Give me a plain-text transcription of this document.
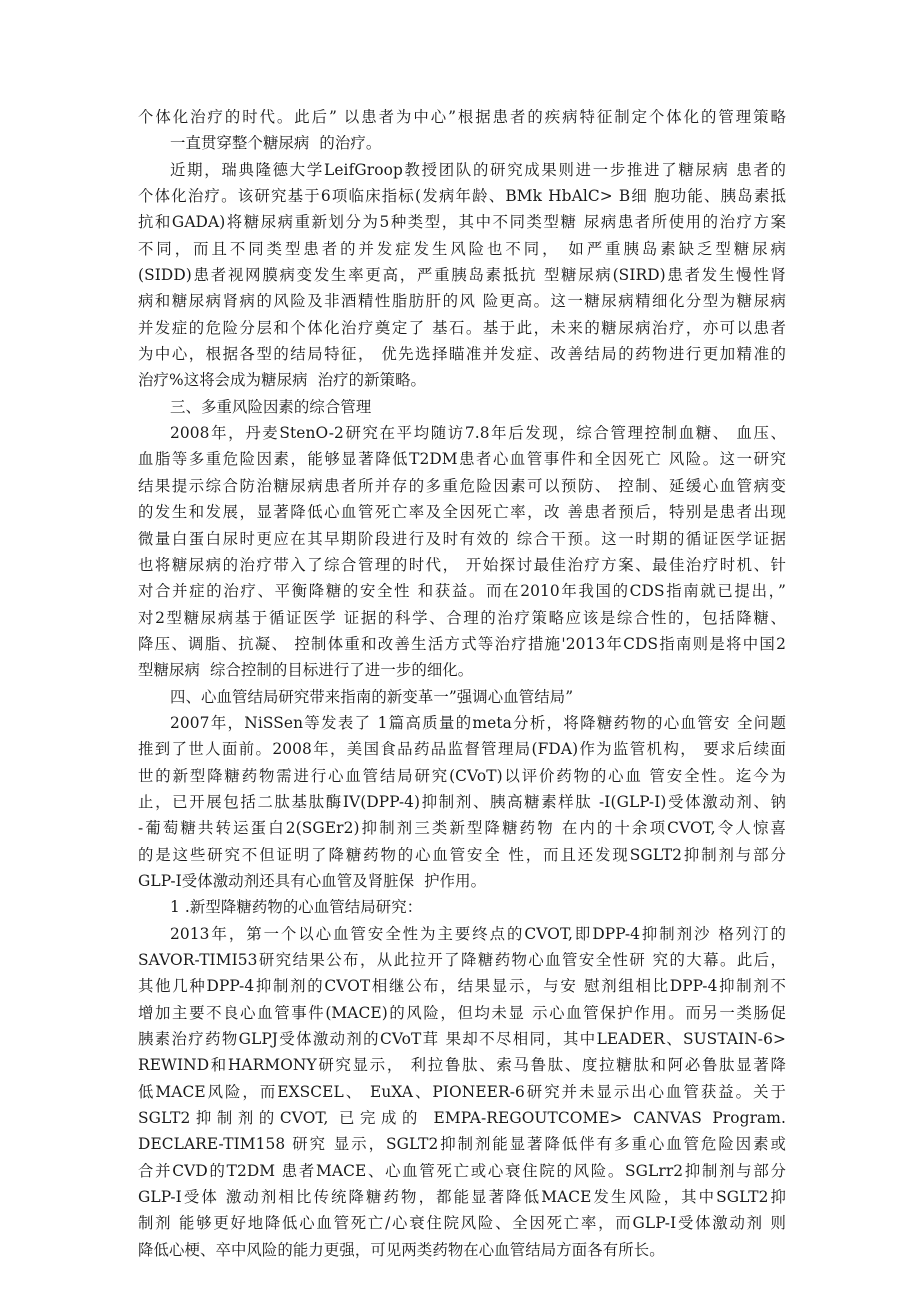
个体化治疗的时代。此后” 以患者为中心”根据患者的疾病特征制定个体化的管理策略
一直贯穿整个糖尿病  的治疗。
近期，瑞典隆德大学LeifGroop教授团队的研究成果则进一步推进了糖尿病 患者的
个体化治疗。该研究基于6项临床指标(发病年龄、BMk HbAlC> B细 胞功能、胰岛素抵
抗和GADA)将糖尿病重新划分为5种类型，其中不同类型糖 尿病患者所使用的治疗方案
不同，而且不同类型患者的并发症发生风险也不同， 如严重胰岛素缺乏型糖尿病
(SIDD)患者视网膜病变发生率更高，严重胰岛素抵抗 型糖尿病(SIRD)患者发生慢性肾
病和糖尿病肾病的风险及非酒精性脂肪肝的风 险更高。这一糖尿病精细化分型为糖尿病
并发症的危险分层和个体化治疗奠定了 基石。基于此，未来的糖尿病治疗，亦可以患者
为中心，根据各型的结局特征， 优先选择瞄准并发症、改善结局的药物进行更加精准的
治疗%这将会成为糖尿病  治疗的新策略。
三、多重风险因素的综合管理
2008年，丹麦StenO-2研究在平均随访7.8年后发现，综合管理控制血糖、 血压、
血脂等多重危险因素，能够显著降低T2DM患者心血管事件和全因死亡 风险。这一研究
结果提示综合防治糖尿病患者所并存的多重危险因素可以预防、 控制、延缓心血管病变
的发生和发展，显著降低心血管死亡率及全因死亡率，改 善患者预后，特别是患者出现
微量白蛋白尿时更应在其早期阶段进行及时有效的 综合干预。这一时期的循证医学证据
也将糖尿病的治疗带入了综合管理的时代， 开始探讨最佳治疗方案、最佳治疗时机、针
对合并症的治疗、平衡降糖的安全性 和获益。而在2010年我国的CDS指南就已提出，”
对2型糖尿病基于循证医学 证据的科学、合理的治疗策略应该是综合性的，包括降糖、
降压、调脂、抗凝、 控制体重和改善生活方式等治疗措施'2013年CDS指南则是将中国2
型糖尿病  综合控制的目标进行了进一步的细化。
四、心血管结局研究带来指南的新变革一”强调心血管结局”
2007年，NiSSen等发表了 1篇高质量的meta分析，将降糖药物的心血管安 全问题
推到了世人面前。2008年，美国食品药品监督管理局(FDA)作为监管机构， 要求后续面
世的新型降糖药物需进行心血管结局研究(CVoT)以评价药物的心血 管安全性。迄今为
止，已开展包括二肽基肽酶IV(DPP-4)抑制剂、胰高糖素样肽 -I(GLP-I)受体激动剂、钠
-葡萄糖共转运蛋白2(SGEr2)抑制剂三类新型降糖药物 在内的十余项CVOT,令人惊喜
的是这些研究不但证明了降糖药物的心血管安全 性，而且还发现SGLT2抑制剂与部分
GLP-I受体激动剂还具有心血管及肾脏保  护作用。
1 .新型降糖药物的心血管结局研究：
2013年，第一个以心血管安全性为主要终点的CVOT,即DPP-4抑制剂沙 格列汀的
SAVOR-TIMI53研究结果公布，从此拉开了降糖药物心血管安全性研 究的大幕。此后，
其他几种DPP-4抑制剂的CVOT相继公布，结果显示，与安 慰剂组相比DPP-4抑制剂不
增加主要不良心血管事件(MACE)的风险，但均未显 示心血管保护作用。而另一类肠促
胰素治疗药物GLPJ受体激动剂的CVoT茸 果却不尽相同，其中LEADER、SUSTAIN-6>
REWIND和HARMONY研究显示， 利拉鲁肽、索马鲁肽、度拉糖肽和阿必鲁肽显著降
低MACE风险，而EXSCEL、 EuXA、PIONEER-6研究并未显示出心血管获益。关于
SGLT2抑制剂的CVOT, 已完成的 EMPA-REGOUTCOME> CANVAS Program.
DECLARE-TIM158 研究 显示，SGLT2抑制剂能显著降低伴有多重心血管危险因素或
合并CVD的T2DM 患者MACE、心血管死亡或心衰住院的风险。SGLrr2抑制剂与部分
GLP-I受体 激动剂相比传统降糖药物，都能显著降低MACE发生风险，其中SGLT2抑
制剂 能够更好地降低心血管死亡/心衰住院风险、全因死亡率，而GLP-I受体激动剂 则
降低心梗、卒中风险的能力更强，可见两类药物在心血管结局方面各有所长。
